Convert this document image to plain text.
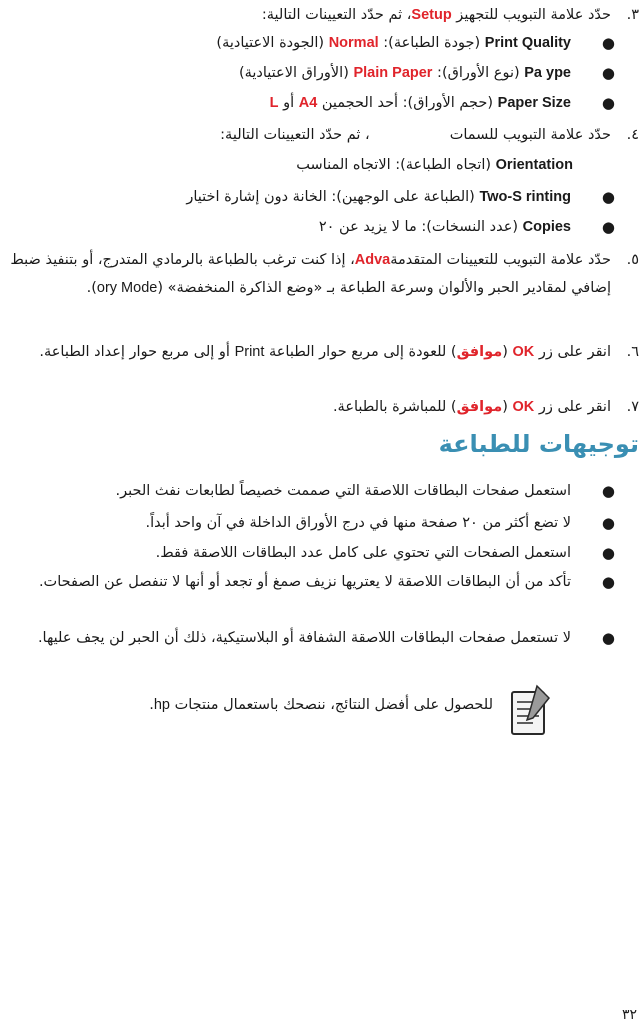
٣.
حدّد علامة التبويب للتجهيز Setup، ثم حدّد التعيينات التالية:
●
Print Quality (جودة الطباعة): Normal (الجودة الاعتيادية)
●
Pa ype (نوع الأوراق): Plain Paper (الأوراق الاعتيادية)
●
Paper Size (حجم الأوراق): أحد الحجمين A4 أو L
٤.
حدّد علامة التبويب للسمات، ثم حدّد التعيينات التالية:
Orientation (اتجاه الطباعة): الاتجاه المناسب
●
Two-S rinting (الطباعة على الوجهين): الخانة دون إشارة اختيار
●
Copies (عدد النسخات): ما لا يزيد عن ٢٠
٥.
حدّد علامة التبويب للتعيينات المتقدمةAdva، إذا كنت ترغب بالطباعة بالرمادي المتدرج، أو بتنفيذ ضبط إضافي لمقادير الحبر والألوان وسرعة الطباعة بـ «وضع الذاكرة المنخفضة» (ory Mode).
٦.
انقر على زر OK (موافق) للعودة إلى مربع حوار الطباعة Print أو إلى مربع حوار إعداد الطباعة.
٧.
انقر على زر OK (موافق) للمباشرة بالطباعة.
توجيهات للطباعة
●
استعمل صفحات البطاقات اللاصقة التي صممت خصيصاً لطابعات نفث الحبر.
●
لا تضع أكثر من ٢٠ صفحة منها في درج الأوراق الداخلة في آن واحد أبداً.
●
استعمل الصفحات التي تحتوي على كامل عدد البطاقات اللاصقة فقط.
●
تأكد من أن البطاقات اللاصقة لا يعتريها نزيف صمغ أو تجعد أو أنها لا تنفصل عن الصفحات.
●
لا تستعمل صفحات البطاقات اللاصقة الشفافة أو البلاستيكية، ذلك أن الحبر لن يجف عليها.
للحصول على أفضل النتائج، ننصحك باستعمال منتجات hp.
٣٢
